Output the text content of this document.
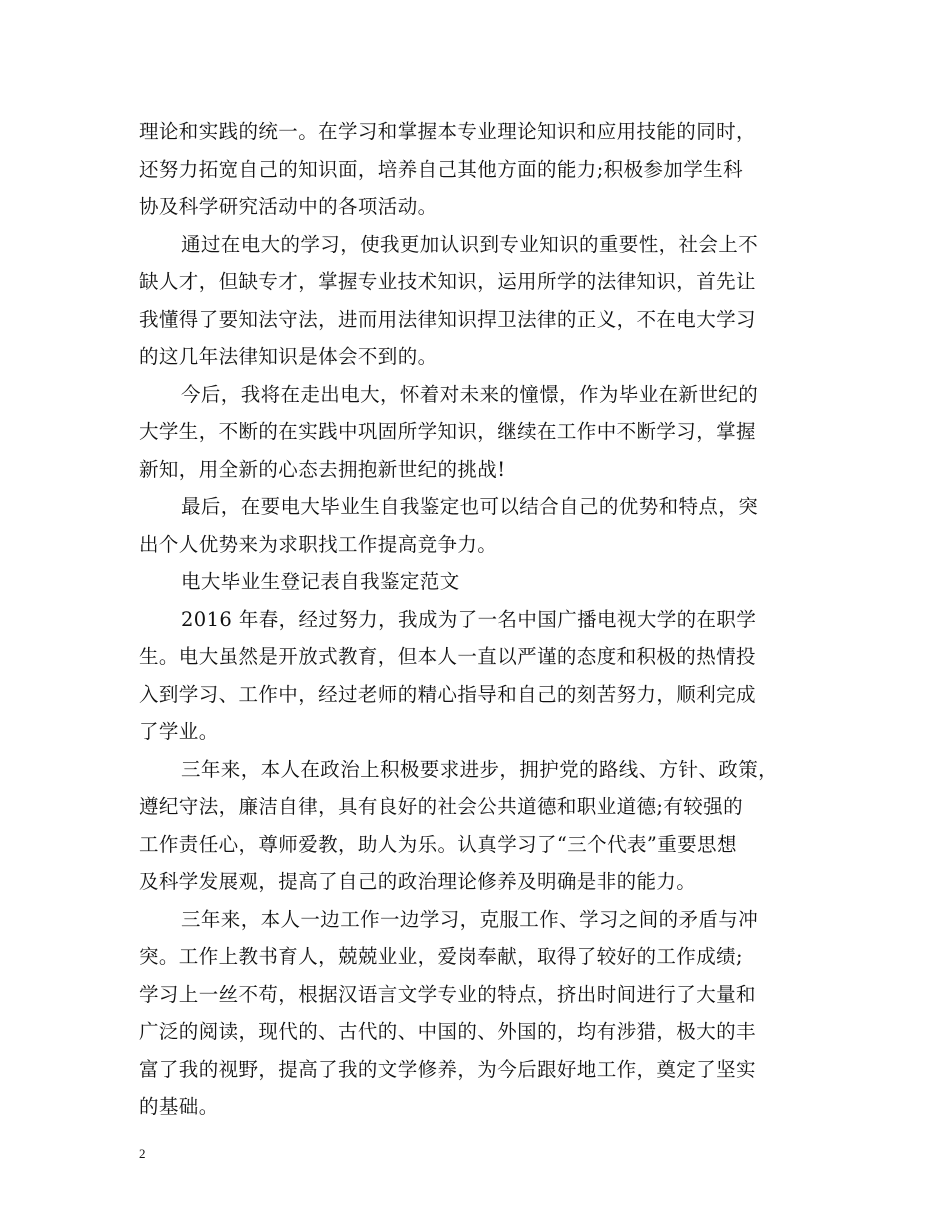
理论和实践的统一。在学习和掌握本专业理论知识和应用技能的同时，
还努力拓宽自己的知识面，培养自己其他方面的能力;积极参加学生科
协及科学研究活动中的各项活动。
通过在电大的学习，使我更加认识到专业知识的重要性，社会上不
缺人才，但缺专才，掌握专业技术知识，运用所学的法律知识，首先让
我懂得了要知法守法，进而用法律知识捍卫法律的正义，不在电大学习
的这几年法律知识是体会不到的。
今后，我将在走出电大，怀着对未来的憧憬，作为毕业在新世纪的
大学生，不断的在实践中巩固所学知识，继续在工作中不断学习，掌握
新知，用全新的心态去拥抱新世纪的挑战!
最后，在要电大毕业生自我鉴定也可以结合自己的优势和特点，突
出个人优势来为求职找工作提高竞争力。
电大毕业生登记表自我鉴定范文
2016 年春，经过努力，我成为了一名中国广播电视大学的在职学
生。电大虽然是开放式教育，但本人一直以严谨的态度和积极的热情投
入到学习、工作中，经过老师的精心指导和自己的刻苦努力，顺利完成
了学业。
三年来，本人在政治上积极要求进步，拥护党的路线、方针、政策，
遵纪守法，廉洁自律，具有良好的社会公共道德和职业道德;有较强的
工作责任心，尊师爱教，助人为乐。认真学习了“三个代表”重要思想
及科学发展观，提高了自己的政治理论修养及明确是非的能力。
三年来，本人一边工作一边学习，克服工作、学习之间的矛盾与冲
突。工作上教书育人，兢兢业业，爱岗奉献，取得了较好的工作成绩;
学习上一丝不苟，根据汉语言文学专业的特点，挤出时间进行了大量和
广泛的阅读，现代的、古代的、中国的、外国的，均有涉猎，极大的丰
富了我的视野，提高了我的文学修养，为今后跟好地工作，奠定了坚实
的基础。
2
